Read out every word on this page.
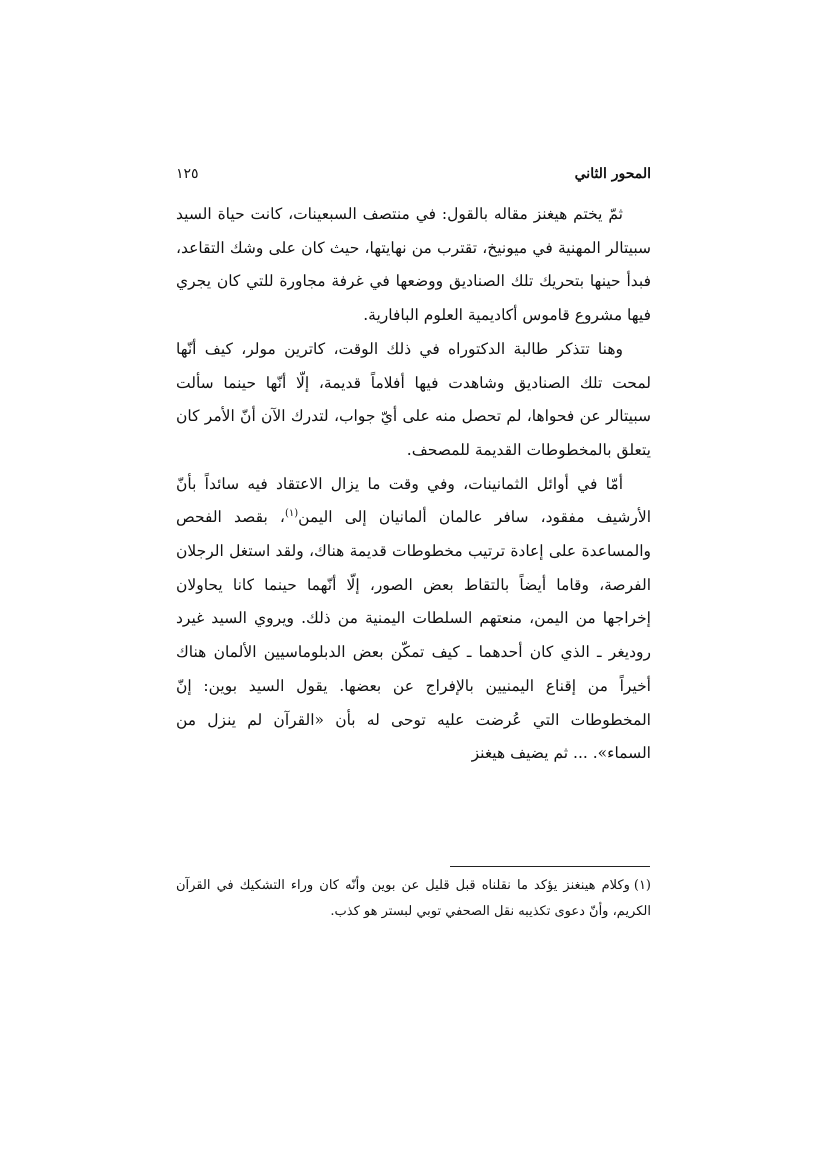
المحور الثاني
١٢٥

ثمّ يختم هيغنز مقاله بالقول: في منتصف السبعينات، كانت حياة السيد سبيتالر المهنية في ميونيخ، تقترب من نهايتها، حيث كان على وشك التقاعد، فبدأ حينها بتحريك تلك الصناديق ووضعها في غرفة مجاورة للتي كان يجري فيها مشروع قاموس أكاديمية العلوم البافارية.

وهنا تتذكر طالبة الدكتوراه في ذلك الوقت، كاترين مولر، كيف أنّها لمحت تلك الصناديق وشاهدت فيها أفلاماً قديمة، إلّا أنّها حينما سألت سبيتالر عن فحواها، لم تحصل منه على أيّ جواب، لتدرك الآن أنّ الأمر كان يتعلق بالمخطوطات القديمة للمصحف.

أمّا في أوائل الثمانينات، وفي وقت ما يزال الاعتقاد فيه سائداً بأنّ الأرشيف مفقود، سافر عالمان ألمانيان إلى اليمن$^{(١)}$، بقصد الفحص والمساعدة على إعادة ترتيب مخطوطات قديمة هناك، ولقد استغل الرجلان الفرصة، وقاما أيضاً بالتقاط بعض الصور، إلّا أنّهما حينما كانا يحاولان إخراجها من اليمن، منعتهم السلطات اليمنية من ذلك. ويروي السيد غيرد روديغر ـ الذي كان أحدهما ـ كيف تمكّن بعض الدبلوماسيين الألمان هناك أخيراً من إقناع اليمنيين بالإفراج عن بعضها. يقول السيد بوين: إنّ المخطوطات التي عُرضت عليه توحى له بأن «القرآن لم ينزل من السماء». ... ثم يضيف هيغنز

(١)وكلام هينغنز يؤكد ما نقلناه قبل قليل عن بوين وأنّه كان وراء التشكيك في القرآن الكريم، وأنّ دعوى تكذيبه نقل الصحفي توبي لبستر هو كذب.
